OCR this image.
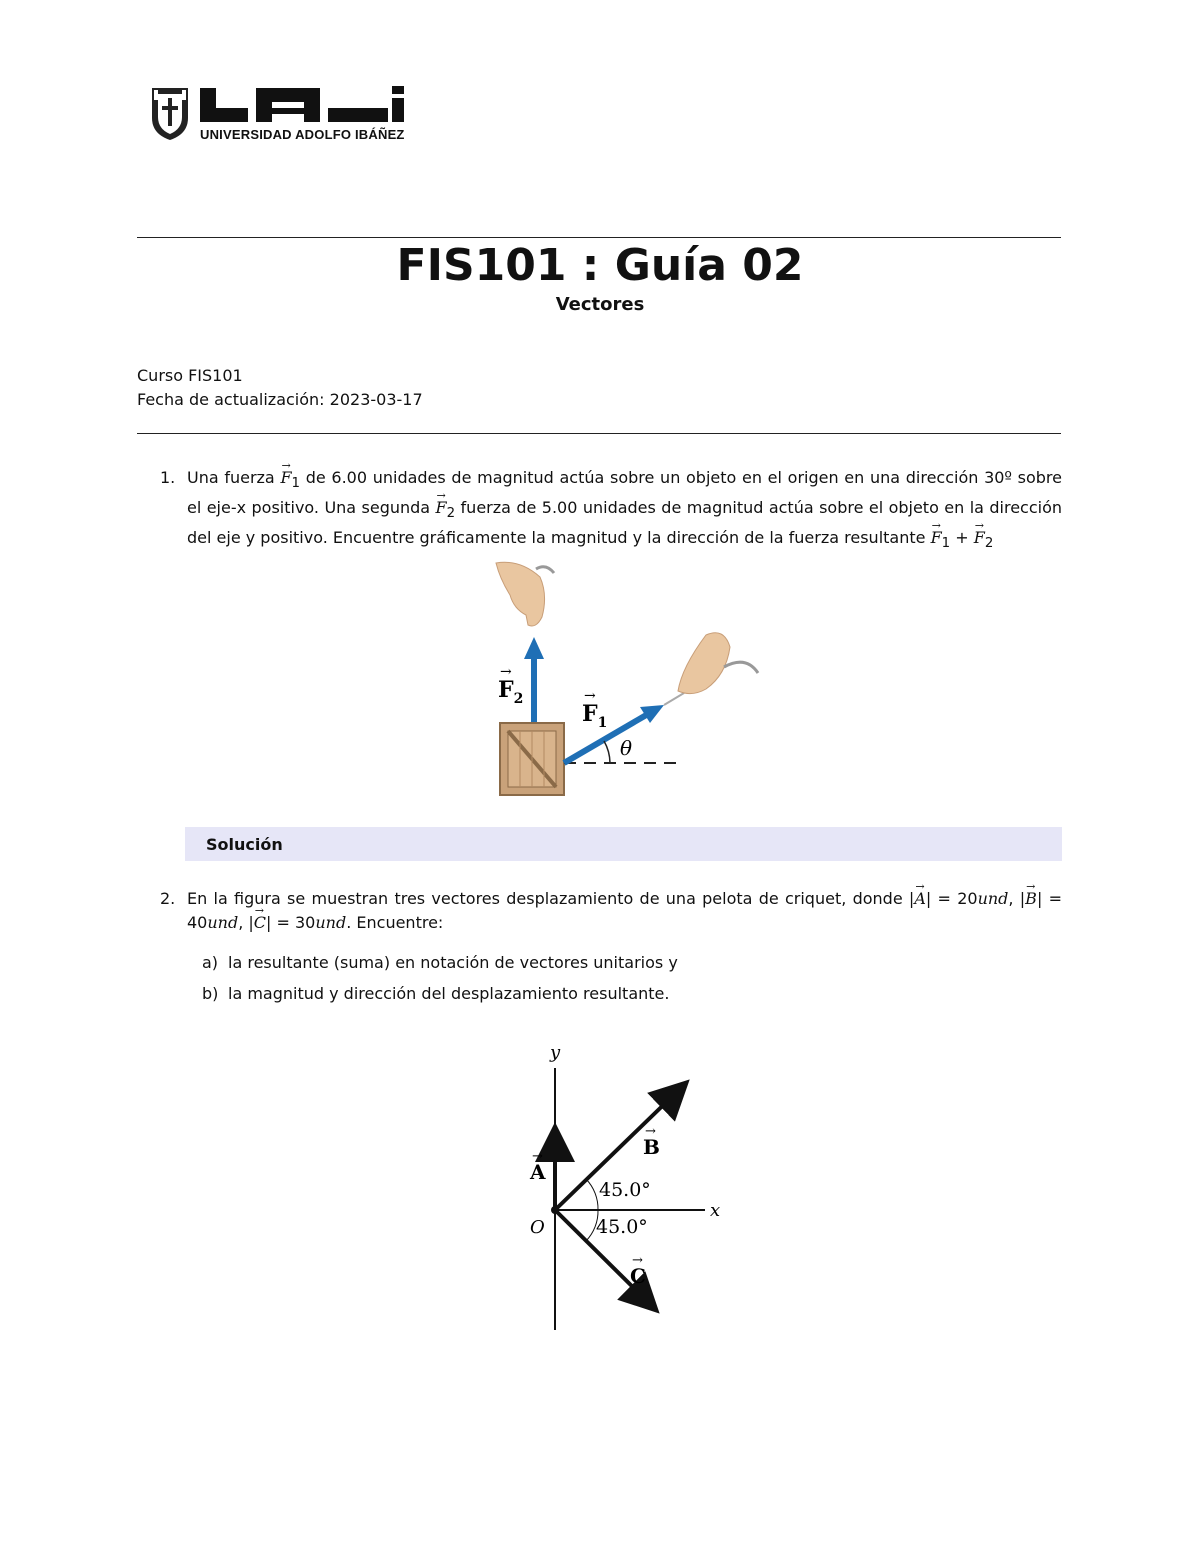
UNIVERSIDAD ADOLFO IBÁÑEZ
FIS101 : Guía 02
Vectores
Curso FIS101
Fecha de actualización: 2023-03-17
1. Una fuerza → $F_1$ de 6.00 unidades de magnitud actúa sobre un objeto en el origen en una dirección 30º sobre el eje-x positivo. Una segunda → $F_2$ fuerza de 5.00 unidades de magnitud actúa sobre el objeto en la dirección del eje y positivo. Encuentre gráficamente la magnitud y la dirección de la fuerza resultante → $F_1$ + → $F_2$
$F_2$
→
$F_1$
→
θ
Solución
2. En la figura se muestran tres vectores desplazamiento de una pelota de criquet, donde |→ A| = 20und, |→ B| = 40und, |→ C| = 30und. Encuentre:
a) la resultante (suma) en notación de vectores unitarios y
b) la magnitud y dirección del desplazamiento resultante.
y
x
O
A
→	B
→
C
→
45.0°
45.0°
